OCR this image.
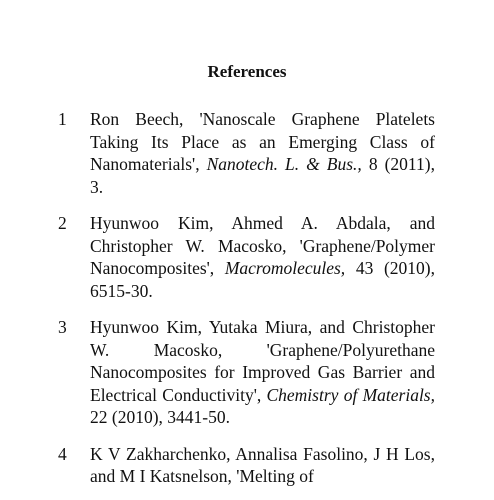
References
1 Ron Beech, 'Nanoscale Graphene Platelets Taking Its Place as an Emerging Class of Nanomaterials', Nanotech. L. & Bus., 8 (2011), 3.
2 Hyunwoo Kim, Ahmed A. Abdala, and Christopher W. Macosko, 'Graphene/Polymer Nanocomposites', Macromolecules, 43 (2010), 6515-30.
3 Hyunwoo Kim, Yutaka Miura, and Christopher W. Macosko, 'Graphene/Polyurethane Nanocomposites for Improved Gas Barrier and Electrical Conductivity', Chemistry of Materials, 22 (2010), 3441-50.
4 K V Zakharchenko, Annalisa Fasolino, J H Los, and M I Katsnelson, 'Melting of
